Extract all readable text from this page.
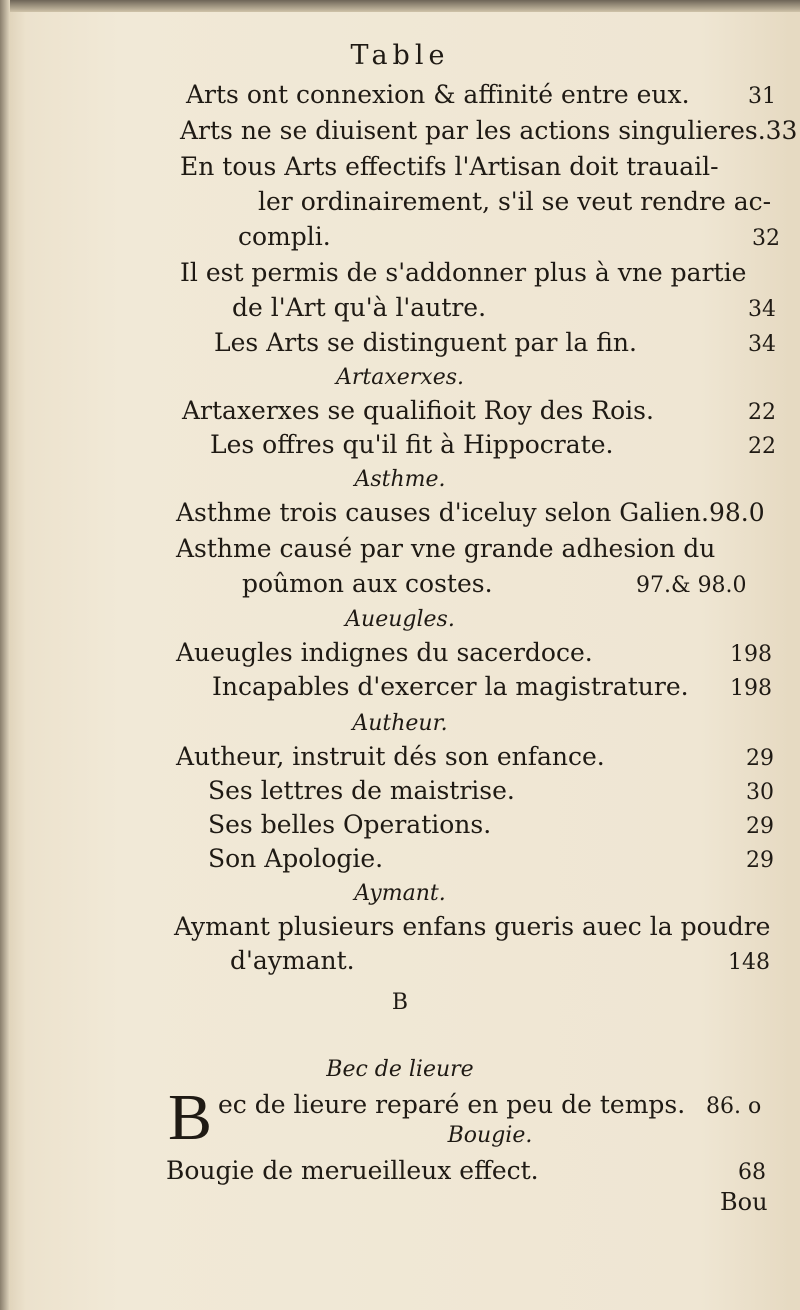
Table
Arts ont connexion & affinité entre eux.	31
Arts ne se diuisent par les actions singulieres.33
En tous Arts effectifs l'Artisan doit trauail-
ler ordinairement, s'il se veut rendre ac-
compli.	32
Il est permis de s'addonner plus à vne partie
de l'Art qu'à l'autre.	34
Les Arts se distinguent par la fin.	34
Artaxerxes.
Artaxerxes se qualifioit Roy des Rois.	22
Les offres qu'il fit à Hippocrate.	22
Asthme.
Asthme trois causes d'iceluy selon Galien.98.0
Asthme causé par vne grande adhesion du
poûmon aux costes.	97.& 98.0
Aueugles.
Aueugles indignes du sacerdoce.	198
Incapables d'exercer la magistrature. 198
Autheur.
Autheur, instruit dés son enfance.	29
Ses lettres de maistrise.	30
Ses belles Operations.	29
Son Apologie.	29
Aymant.
Aymant plusieurs enfans gueris auec la poudre
d'aymant.	148
B
Bec de lieure
B ec de lieure reparé en peu de temps. 86. o
Bougie.
Bougie de merueilleux effect.	68
Bou
